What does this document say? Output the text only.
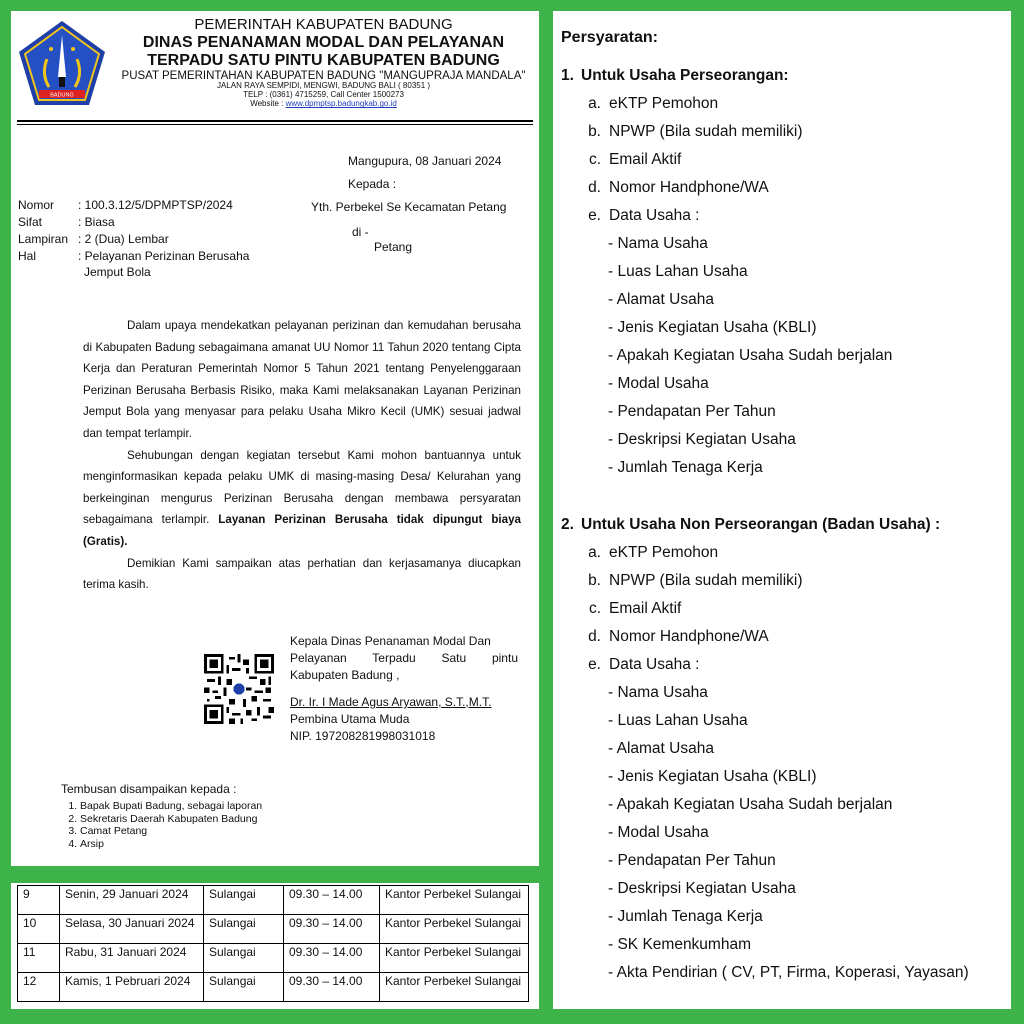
BADUNG
PEMERINTAH KABUPATEN BADUNG
DINAS PENANAMAN MODAL DAN PELAYANAN
TERPADU SATU PINTU KABUPATEN BADUNG
PUSAT PEMERINTAHAN KABUPATEN BADUNG "MANGUPRAJA MANDALA"
JALAN RAYA SEMPIDI, MENGWI, BADUNG BALI ( 80351 )
TELP : (0361) 4715259, Call Center 1500273
Website : www.dpmptsp.badungkab.go.id
Mangupura, 08 Januari 2024
Kepada :
Yth. Perbekel Se Kecamatan Petang
di -
Petang
Nomor : 100.3.12/5/DPMPTSP/2024
Sifat	: Biasa
Lampiran : 2 (Dua) Lembar
Hal	: Pelayanan Perizinan Berusaha
Jemput Bola

Dalam upaya mendekatkan pelayanan perizinan dan kemudahan berusaha di Kabupaten Badung sebagaimana amanat UU Nomor 11 Tahun 2020 tentang Cipta Kerja dan Peraturan Pemerintah Nomor 5 Tahun 2021 tentang Penyelenggaraan Perizinan Berusaha Berbasis Risiko, maka Kami melaksanakan Layanan Perizinan Jemput Bola yang menyasar para pelaku Usaha Mikro Kecil (UMK) sesuai jadwal dan tempat terlampir.

Sehubungan dengan kegiatan tersebut Kami mohon bantuannya untuk menginformasikan kepada pelaku UMK di masing-masing Desa/ Kelurahan yang berkeinginan mengurus Perizinan Berusaha dengan membawa persyaratan sebagaimana terlampir. Layanan Perizinan Berusaha tidak dipungut biaya (Gratis).

Demikian Kami sampaikan atas perhatian dan kerjasamanya diucapkan terima kasih.

Kepala Dinas Penanaman Modal Dan
Pelayanan Terpadu Satu pintu
Kabupaten Badung ,
Dr. Ir. I Made Agus Aryawan, S.T.,M.T.
Pembina Utama Muda
NIP. 197208281998031018
Tembusan disampaikan kepada :
1. Bapak Bupati Badung, sebagai laporan
2. Sekretaris Daerah Kabupaten Badung
3. Camat Petang
4. Arsip
9	Senin, 29 Januari 2024	Sulangai	09.30 – 14.00	Kantor Perbekel Sulangai
10	Selasa, 30 Januari 2024	Sulangai	09.30 – 14.00	Kantor Perbekel Sulangai
11	Rabu, 31 Januari 2024	Sulangai	09.30 – 14.00	Kantor Perbekel Sulangai
12	Kamis, 1 Pebruari 2024	Sulangai	09.30 – 14.00	Kantor Perbekel Sulangai
Persyaratan:
1. Untuk Usaha Perseorangan:
a. eKTP Pemohon
b. NPWP (Bila sudah memiliki)
c. Email Aktif
d. Nomor Handphone/WA
e. Data Usaha :
- Nama Usaha
- Luas Lahan Usaha
- Alamat Usaha
- Jenis Kegiatan Usaha (KBLI)
- Apakah Kegiatan Usaha Sudah berjalan
- Modal Usaha
- Pendapatan Per Tahun
- Deskripsi Kegiatan Usaha
- Jumlah Tenaga Kerja
2. Untuk Usaha Non Perseorangan (Badan Usaha) :
a. eKTP Pemohon
b. NPWP (Bila sudah memiliki)
c. Email Aktif
d. Nomor Handphone/WA
e. Data Usaha :
- Nama Usaha
- Luas Lahan Usaha
- Alamat Usaha
- Jenis Kegiatan Usaha (KBLI)
- Apakah Kegiatan Usaha Sudah berjalan
- Modal Usaha
- Pendapatan Per Tahun
- Deskripsi Kegiatan Usaha
- Jumlah Tenaga Kerja
- SK Kemenkumham
- Akta Pendirian ( CV, PT, Firma, Koperasi, Yayasan)
